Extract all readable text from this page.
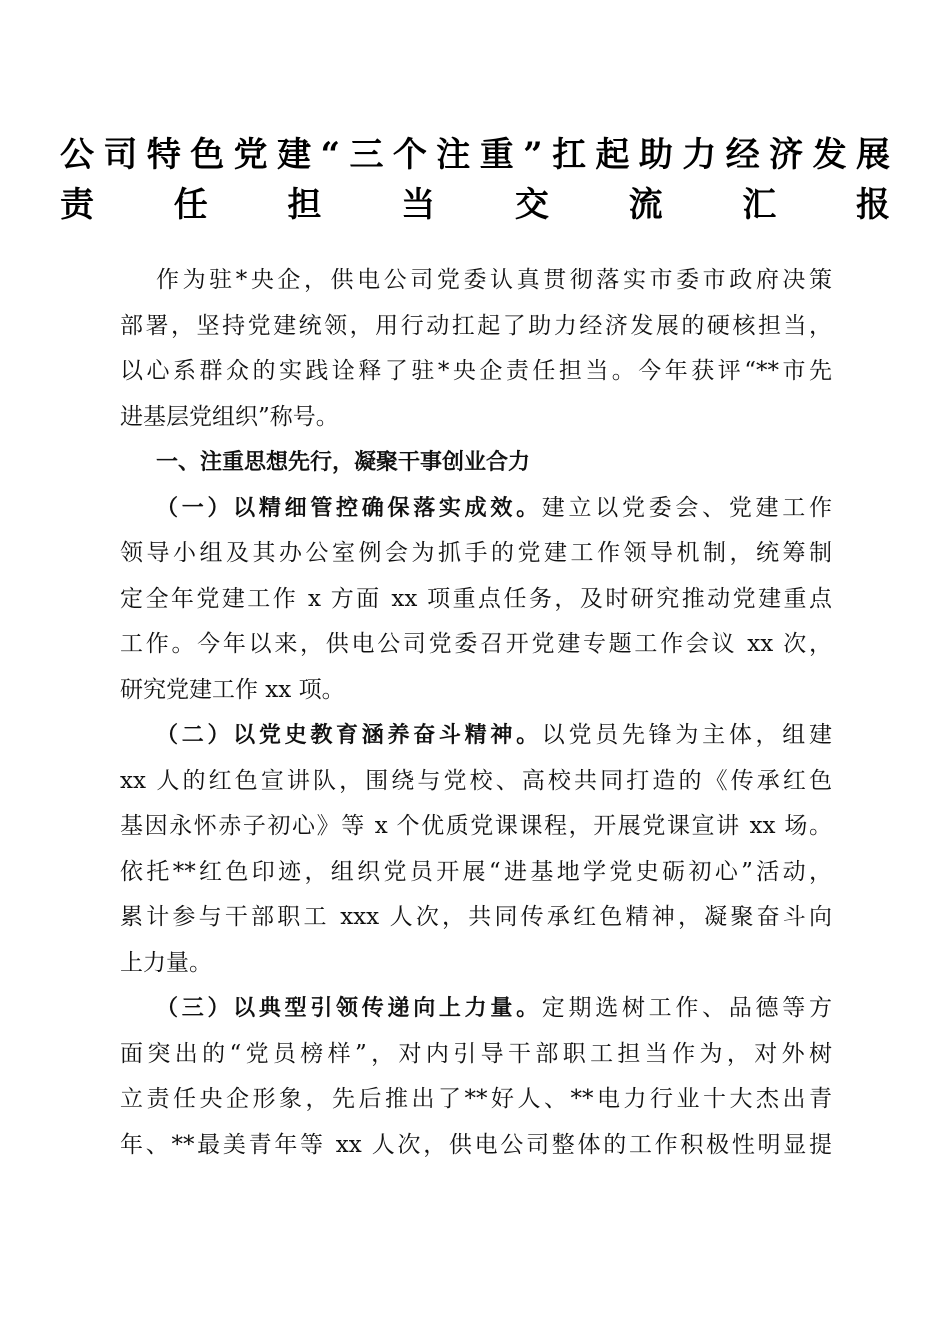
公司特色党建“三个注重”扛起助力经济发展
责任担当交流汇报
作为驻*央企，供电公司党委认真贯彻落实市委市政府决策
部署，坚持党建统领，用行动扛起了助力经济发展的硬核担当，
以心系群众的实践诠释了驻*央企责任担当。今年获评“**市先
进基层党组织”称号。
一、注重思想先行，凝聚干事创业合力
（一）以精细管控确保落实成效。建立以党委会、党建工作
领导小组及其办公室例会为抓手的党建工作领导机制，统筹制
定全年党建工作 x 方面 xx 项重点任务，及时研究推动党建重点
工作。今年以来，供电公司党委召开党建专题工作会议 xx 次，
研究党建工作 xx 项。
（二）以党史教育涵养奋斗精神。以党员先锋为主体，组建
xx 人的红色宣讲队，围绕与党校、高校共同打造的《传承红色
基因永怀赤子初心》等 x 个优质党课课程，开展党课宣讲 xx 场。
依托**红色印迹，组织党员开展“进基地学党史砺初心”活动，
累计参与干部职工 xxx 人次，共同传承红色精神，凝聚奋斗向
上力量。
（三）以典型引领传递向上力量。定期选树工作、品德等方
面突出的“党员榜样”，对内引导干部职工担当作为，对外树
立责任央企形象，先后推出了**好人、**电力行业十大杰出青
年、**最美青年等 xx 人次，供电公司整体的工作积极性明显提
